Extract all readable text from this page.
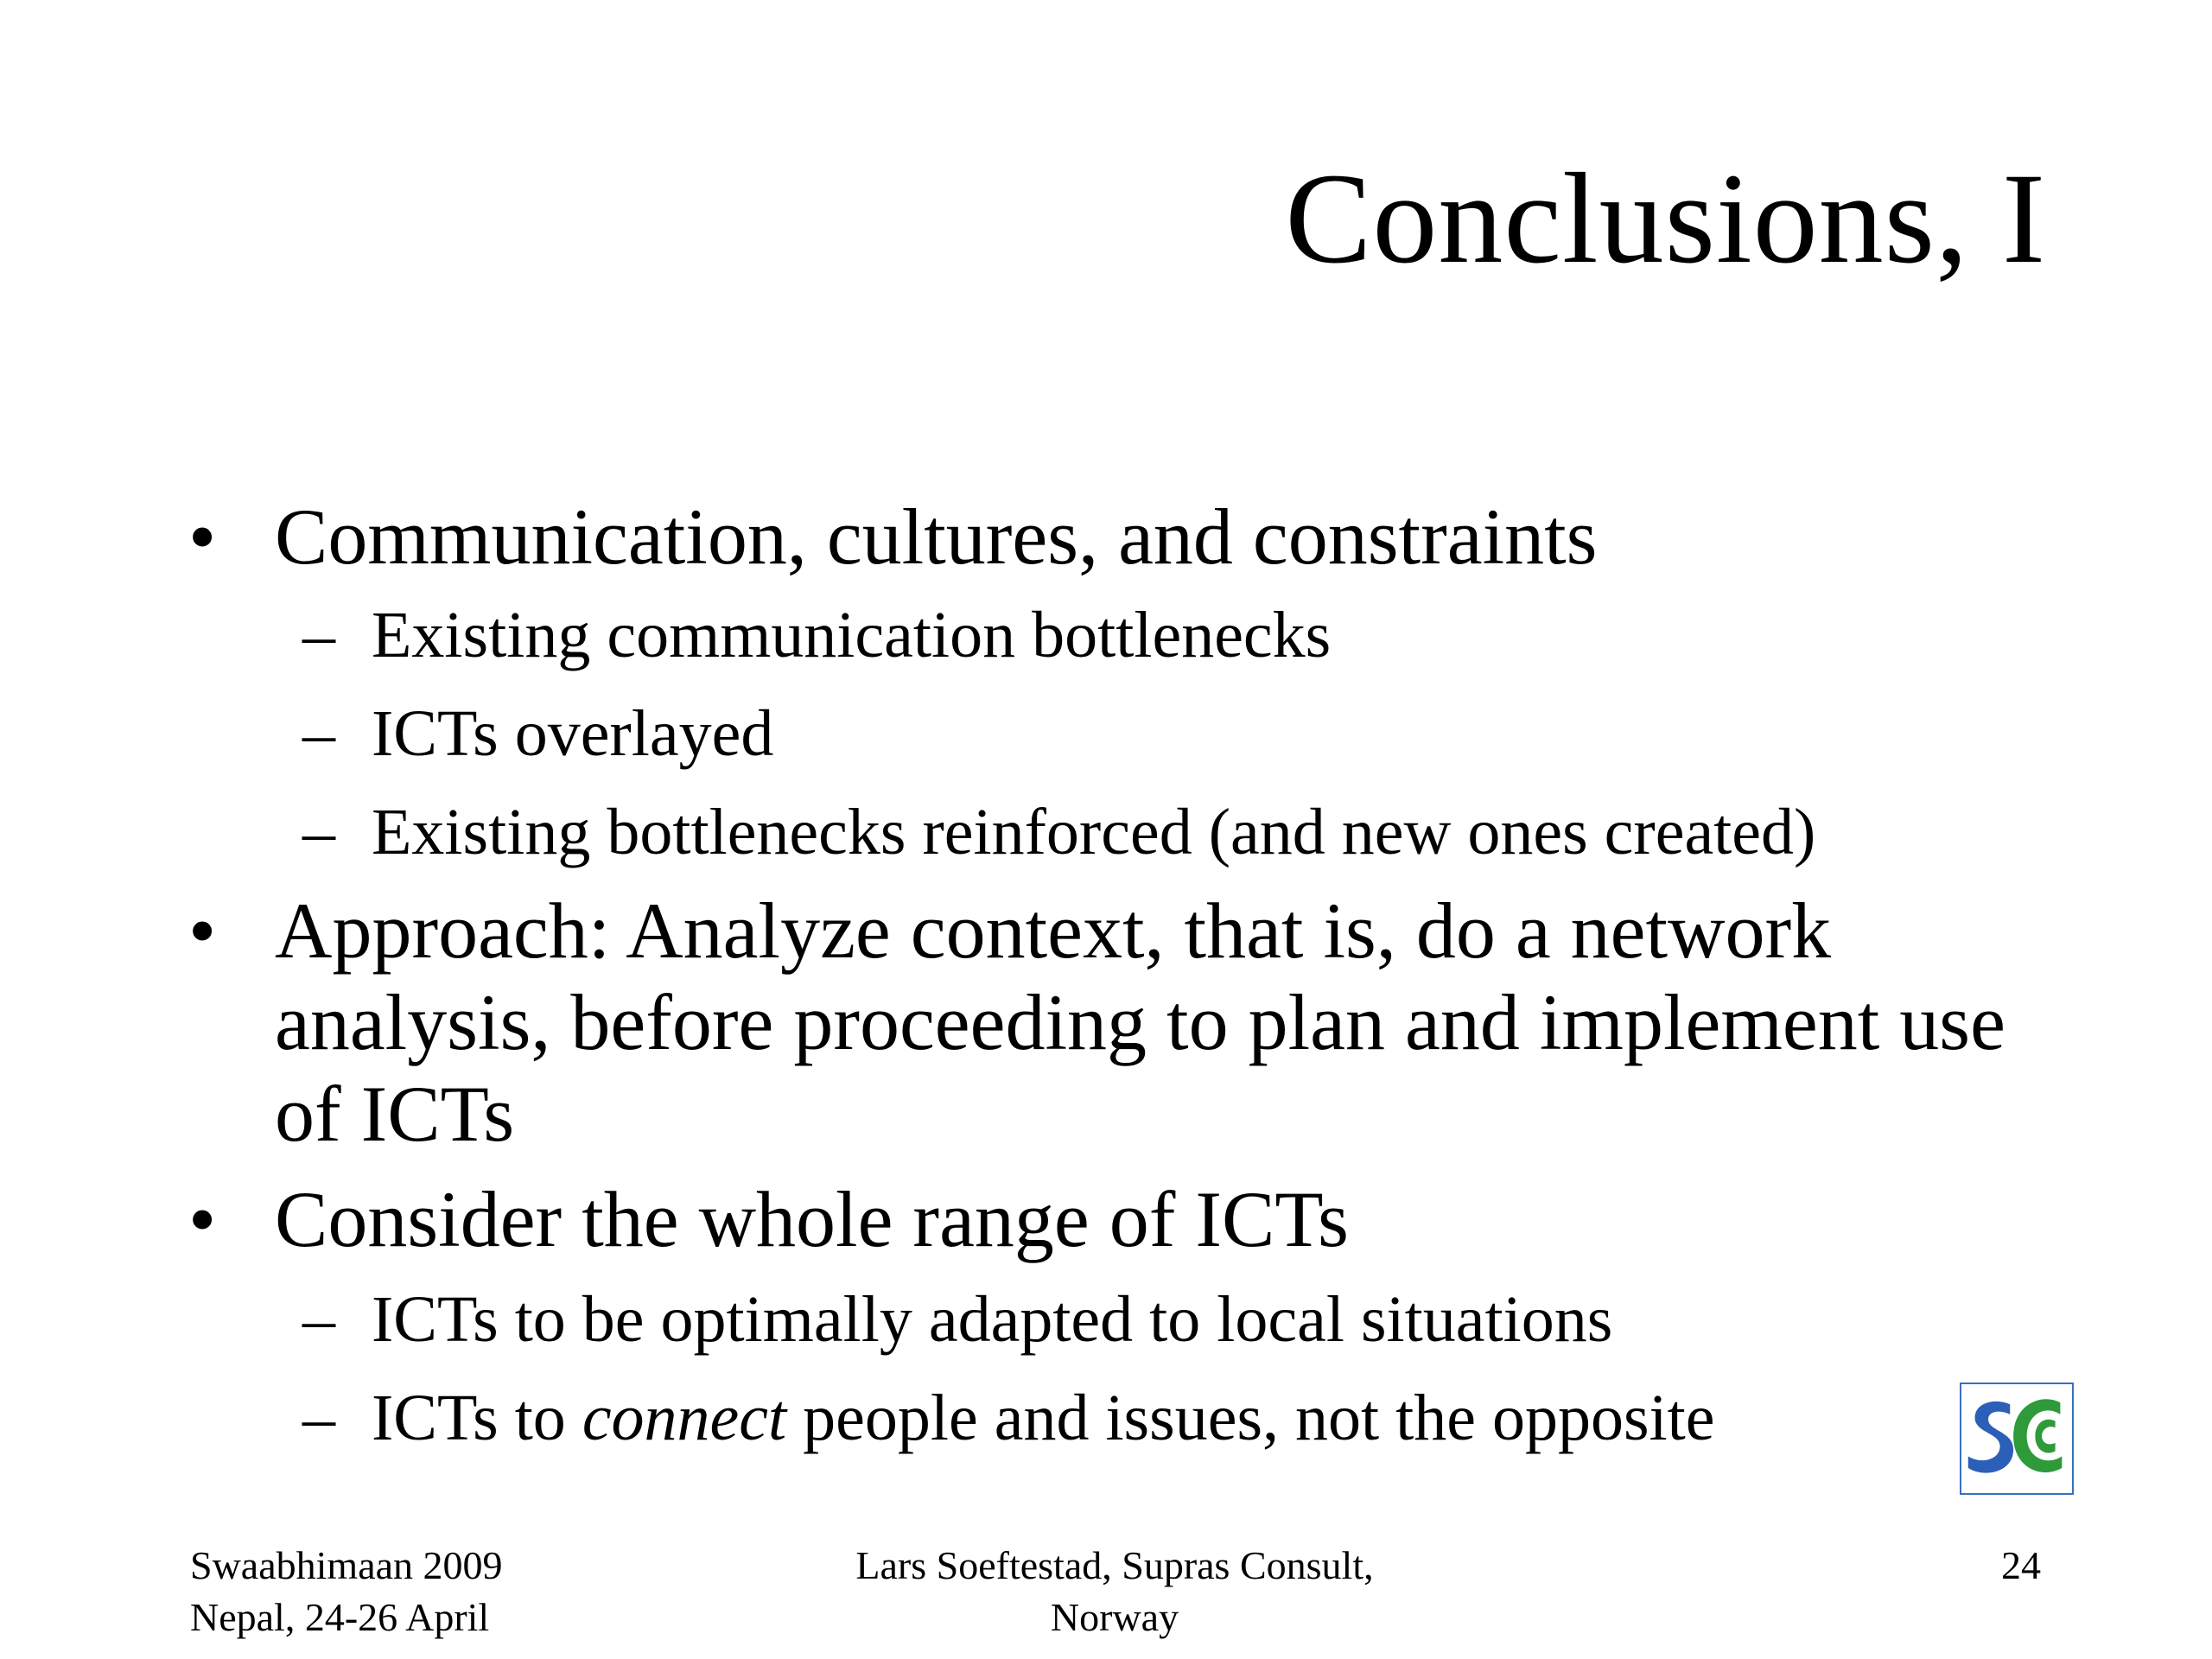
Conclusions, I
• Communication, cultures, and constraints
– Existing communication bottlenecks
– ICTs overlayed
– Existing bottlenecks reinforced (and new ones created)
• Approach: Analyze context, that is, do a network analysis, before proceeding to plan and implement use of ICTs
• Consider the whole range of ICTs
– ICTs to be optimally adapted to local situations
– ICTs to connect people and issues, not the opposite
Swaabhimaan 2009
Nepal, 24-26 April
Lars Soeftestad, Supras Consult,
Norway
24
